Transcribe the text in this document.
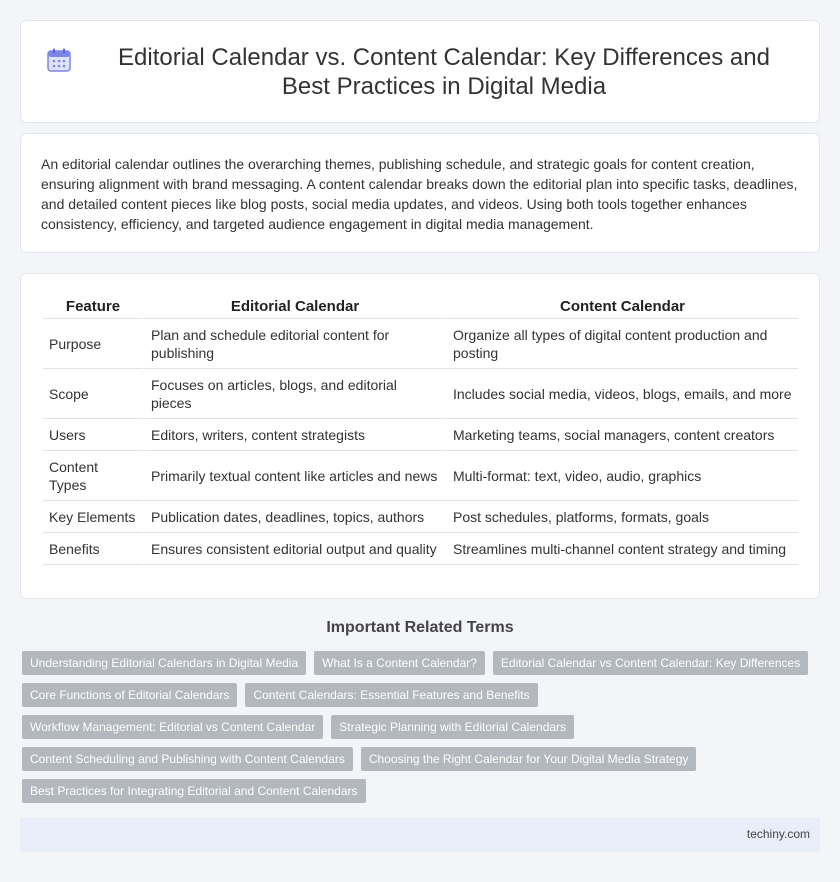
Editorial Calendar vs. Content Calendar: Key Differences and Best Practices in Digital Media

An editorial calendar outlines the overarching themes, publishing schedule, and strategic goals for content creation, ensuring alignment with brand messaging. A content calendar breaks down the editorial plan into specific tasks, deadlines, and detailed content pieces like blog posts, social media updates, and videos. Using both tools together enhances consistency, efficiency, and targeted audience engagement in digital media management.

Feature	Editorial Calendar	Content Calendar
Purpose	Plan and schedule editorial content for publishing	Organize all types of digital content production and posting
Scope	Focuses on articles, blogs, and editorial pieces	Includes social media, videos, blogs, emails, and more
Users	Editors, writers, content strategists	Marketing teams, social managers, content creators
Content Types	Primarily textual content like articles and news	Multi-format: text, video, audio, graphics
Key Elements	Publication dates, deadlines, topics, authors	Post schedules, platforms, formats, goals
Benefits	Ensures consistent editorial output and quality	Streamlines multi-channel content strategy and timing
Important Related Terms
Understanding Editorial Calendars in Digital Media	What Is a Content Calendar?	Editorial Calendar vs Content Calendar: Key Differences
Core Functions of Editorial Calendars	Content Calendars: Essential Features and Benefits
Workflow Management: Editorial vs Content Calendar	Strategic Planning with Editorial Calendars
Content Scheduling and Publishing with Content Calendars	Choosing the Right Calendar for Your Digital Media Strategy
Best Practices for Integrating Editorial and Content Calendars
techiny.com
